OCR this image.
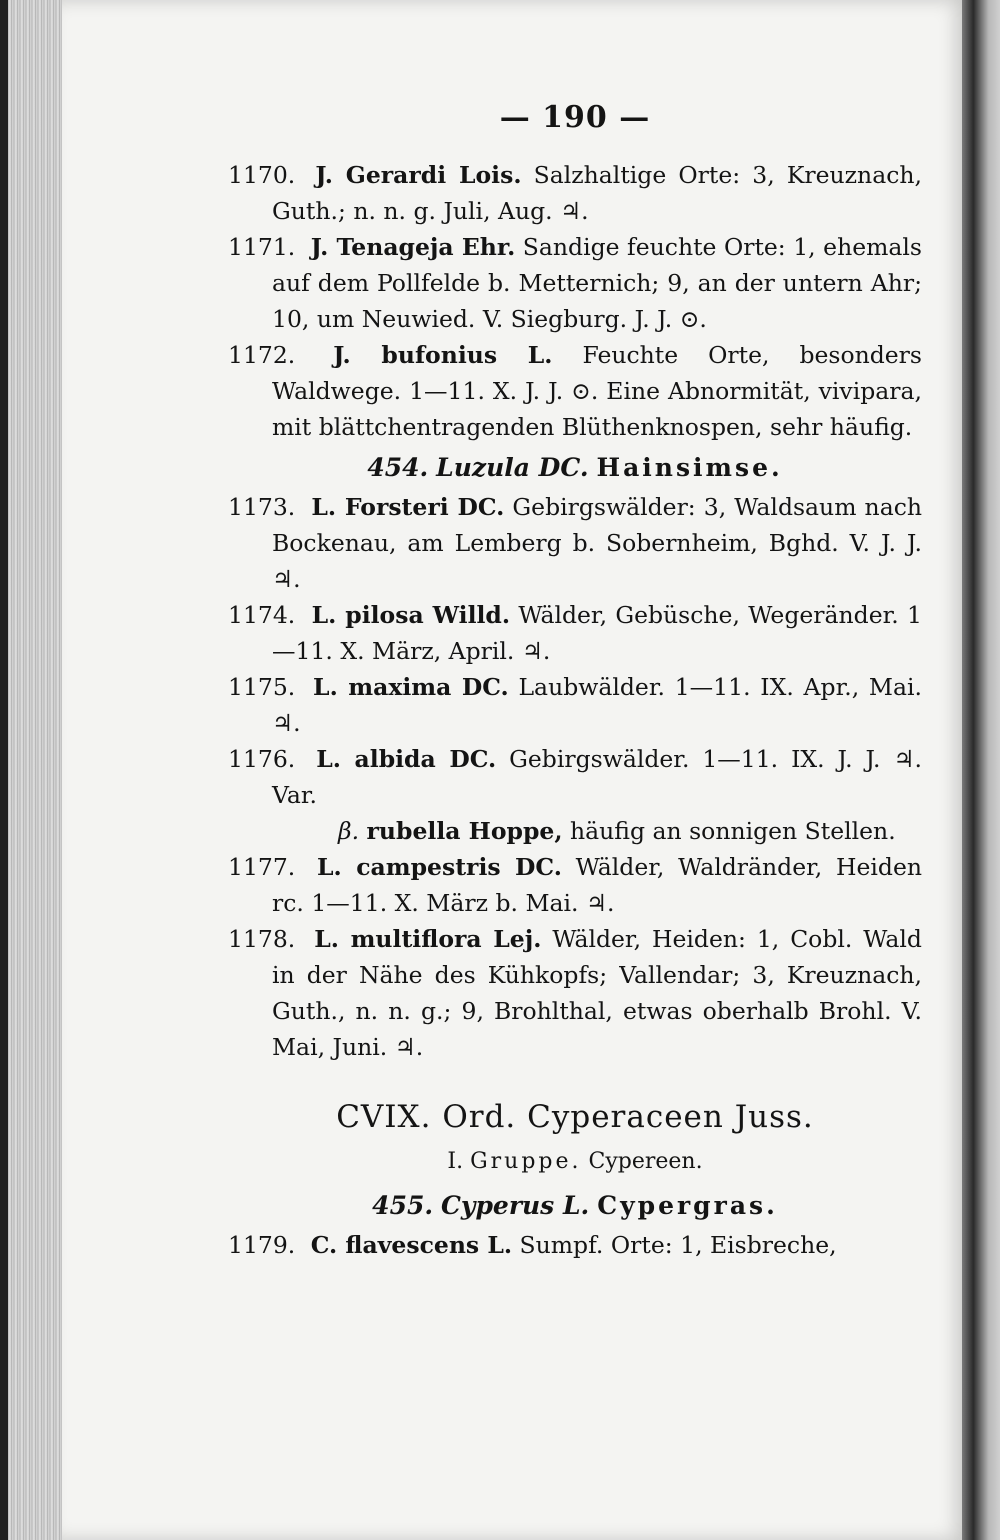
— 190 —

1170. J. Gerardi Lois. Salzhaltige Orte: 3, Kreuznach, Guth.; n. n. g. Juli, Aug. ♃.

1171. J. Tenageja Ehr. Sandige feuchte Orte: 1, ehemals auf dem Pollfelde b. Metternich; 9, an der untern Ahr; 10, um Neuwied. V. Siegburg. J. J. ⊙.

1172. J. bufonius L. Feuchte Orte, besonders Waldwege. 1—11. X. J. J. ⊙. Eine Abnormität, vivipara, mit blättchentragenden Blüthenknospen, sehr häufig.

454. Luzula DC. Hainsimse.

1173. L. Forsteri DC. Gebirgswälder: 3, Waldsaum nach Bockenau, am Lemberg b. Sobernheim, Bghd. V. J. J. ♃.

1174. L. pilosa Willd. Wälder, Gebüsche, Wegeränder. 1—11. X. März, April. ♃.

1175. L. maxima DC. Laubwälder. 1—11. IX. Apr., Mai. ♃.

1176. L. albida DC. Gebirgswälder. 1—11. IX. J. J. ♃. Var.

β. rubella Hoppe, häufig an sonnigen Stellen.

1177. L. campestris DC. Wälder, Waldränder, Heiden rc. 1—11. X. März b. Mai. ♃.

1178. L. multiflora Lej. Wälder, Heiden: 1, Cobl. Wald in der Nähe des Kühkopfs; Vallendar; 3, Kreuznach, Guth., n. n. g.; 9, Brohlthal, etwas oberhalb Brohl. V. Mai, Juni. ♃.

CVIX. Ord. Cyperaceen Juss.
I. Gruppe. Cypereen.
455. Cyperus L. Cypergras.

1179. C. flavescens L. Sumpf. Orte: 1, Eisbreche,
